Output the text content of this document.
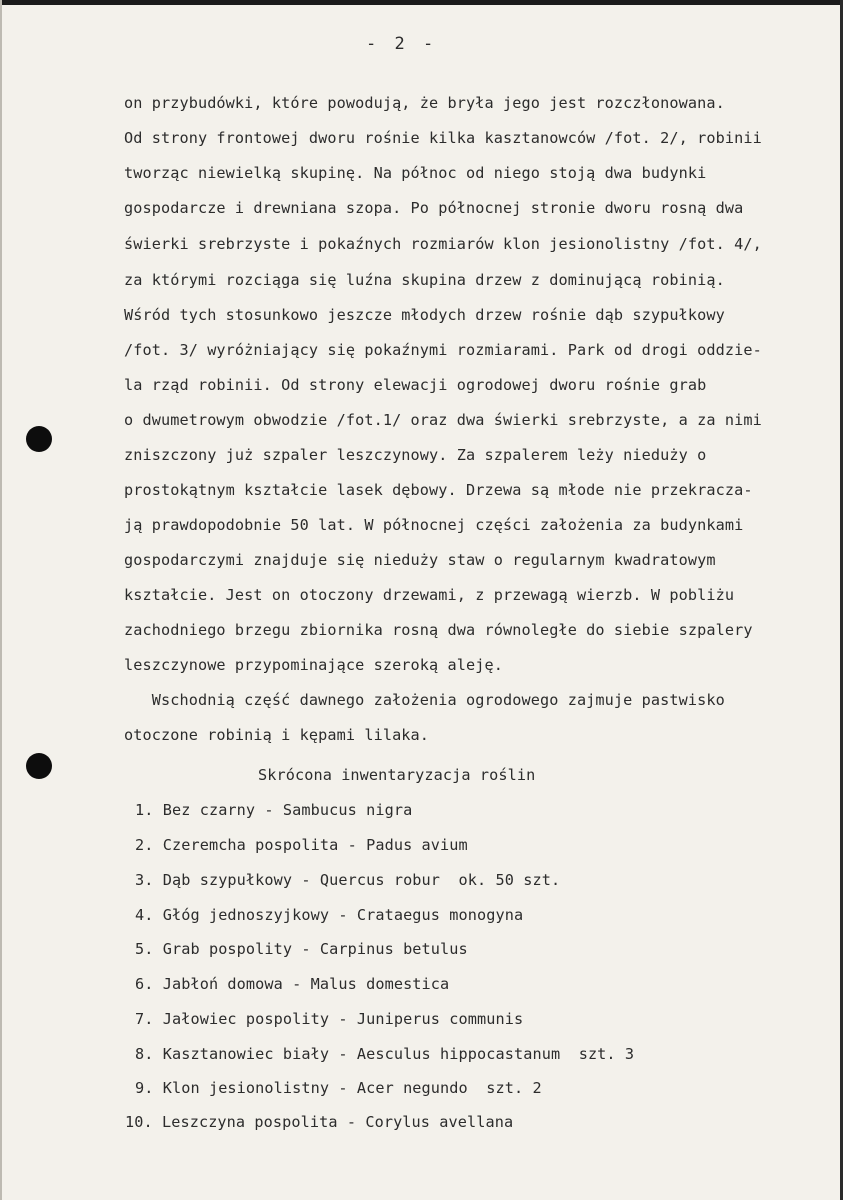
- 2 -
on przybudówki, które powodują, że bryła jego jest rozczłonowana.
Od strony frontowej dworu rośnie kilka kasztanowców /fot. 2/, robinii
tworząc niewielką skupinę. Na północ od niego stoją dwa budynki
gospodarcze i drewniana szopa. Po północnej stronie dworu rosną dwa
świerki srebrzyste i pokaźnych rozmiarów klon jesionolistny /fot. 4/,
za którymi rozciąga się luźna skupina drzew z dominującą robinią.
Wśród tych stosunkowo jeszcze młodych drzew rośnie dąb szypułkowy
/fot. 3/ wyróżniający się pokaźnymi rozmiarami. Park od drogi oddzie-
la rząd robinii. Od strony elewacji ogrodowej dworu rośnie grab
o dwumetrowym obwodzie /fot.1/ oraz dwa świerki srebrzyste, a za nimi
zniszczony już szpaler leszczynowy. Za szpalerem leży nieduży o
prostokątnym kształcie lasek dębowy. Drzewa są młode nie przekracza-
ją prawdopodobnie 50 lat. W północnej części założenia za budynkami
gospodarczymi znajduje się nieduży staw o regularnym kwadratowym
kształcie. Jest on otoczony drzewami, z przewagą wierzb. W pobliżu
zachodniego brzegu zbiornika rosną dwa równoległe do siebie szpalery
leszczynowe przypominające szeroką aleję.
Wschodnią część dawnego założenia ogrodowego zajmuje pastwisko
otoczone robinią i kępami lilaka.
Skrócona inwentaryzacja roślin
1. Bez czarny - Sambucus nigra
2. Czeremcha pospolita - Padus avium
3. Dąb szypułkowy - Quercus robur  ok. 50 szt.
4. Głóg jednoszyjkowy - Crataegus monogyna
5. Grab pospolity - Carpinus betulus
6. Jabłoń domowa - Malus domestica
7. Jałowiec pospolity - Juniperus communis
8. Kasztanowiec biały - Aesculus hippocastanum  szt. 3
9. Klon jesionolistny - Acer negundo  szt. 2
10. Leszczyna pospolita - Corylus avellana
